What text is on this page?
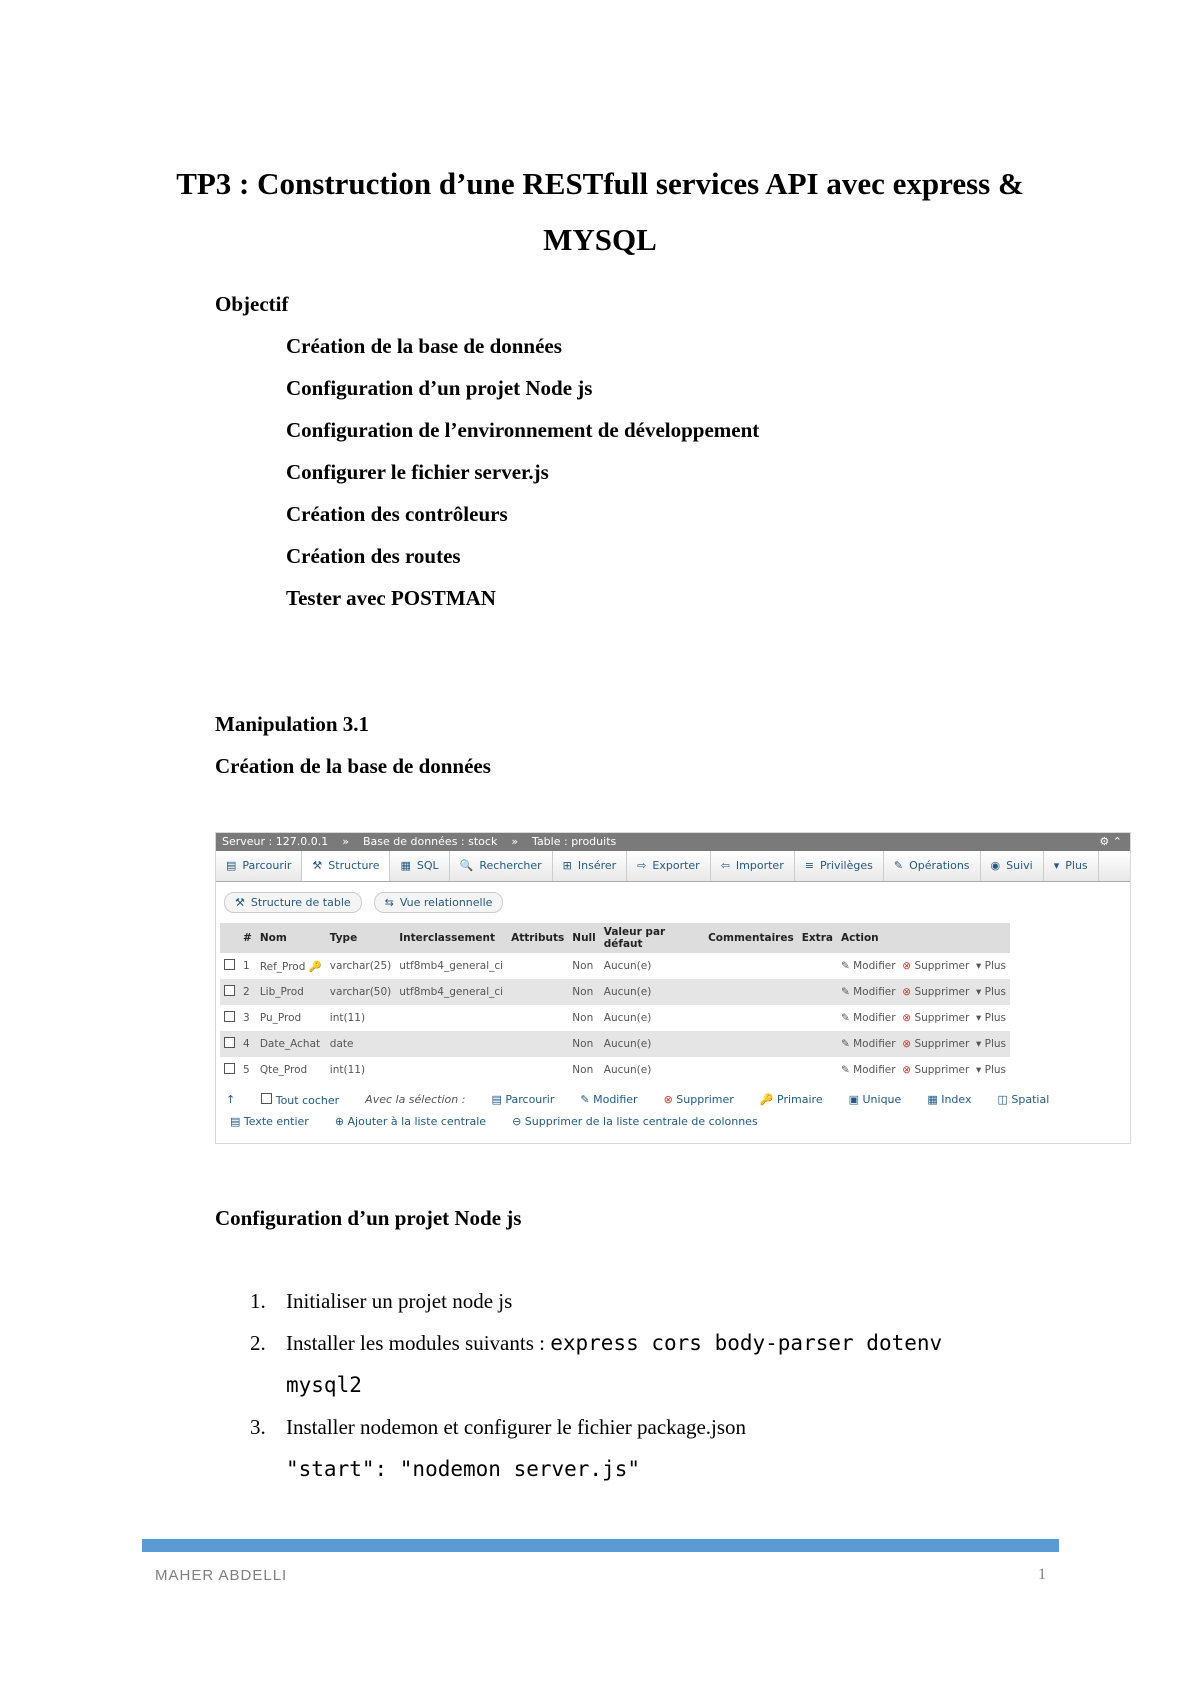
TP3 : Construction d’une RESTfull services API avec express &
MYSQL
Objectif
Création de la base de données
Configuration d’un projet Node js
Configuration de l’environnement de développement
Configurer le fichier server.js
Création des contrôleurs
Création des routes
Tester avec POSTMAN
Manipulation 3.1
Création de la base de données
Serveur : 127.0.0.1 » Base de données : stock » Table : produits	⚙ ⌃
▤ Parcourir ⚒ Structure ▦ SQL 🔍 Rechercher ⊞ Insérer ⇨ Exporter ⇦ Importer ≡ Privilèges ✎ Opérations ◉ Suivi ▾ Plus
⚒ Structure de table	⇆ Vue relationnelle
	#	Nom	Type	Interclassement	Attributs	Null	Valeur par défaut	Commentaires	Extra	Action
	1	Ref_Prod 🔑	varchar(25)	utf8mb4_general_ci		Non	Aucun(e)			✎ Modifier ⊗ Supprimer ▾ Plus
	2	Lib_Prod	varchar(50)	utf8mb4_general_ci		Non	Aucun(e)			✎ Modifier ⊗ Supprimer ▾ Plus
	3	Pu_Prod	int(11)			Non	Aucun(e)			✎ Modifier ⊗ Supprimer ▾ Plus
	4	Date_Achat	date			Non	Aucun(e)			✎ Modifier ⊗ Supprimer ▾ Plus
	5	Qte_Prod	int(11)			Non	Aucun(e)			✎ Modifier ⊗ Supprimer ▾ Plus
↑	Tout cocher Avec la sélection : ▤ Parcourir ✎ Modifier ⊗ Supprimer 🔑 Primaire ▣ Unique ▦ Index ◫ Spatial
▤ Texte entier ⊕ Ajouter à la liste centrale ⊖ Supprimer de la liste centrale de colonnes
Configuration d’un projet Node js
1. Initialiser un projet node js
2. Installer les modules suivants : express cors body-parser dotenv
mysql2
3. Installer nodemon et configurer le fichier package.json
"start": "nodemon server.js"
MAHER ABDELLI	1
